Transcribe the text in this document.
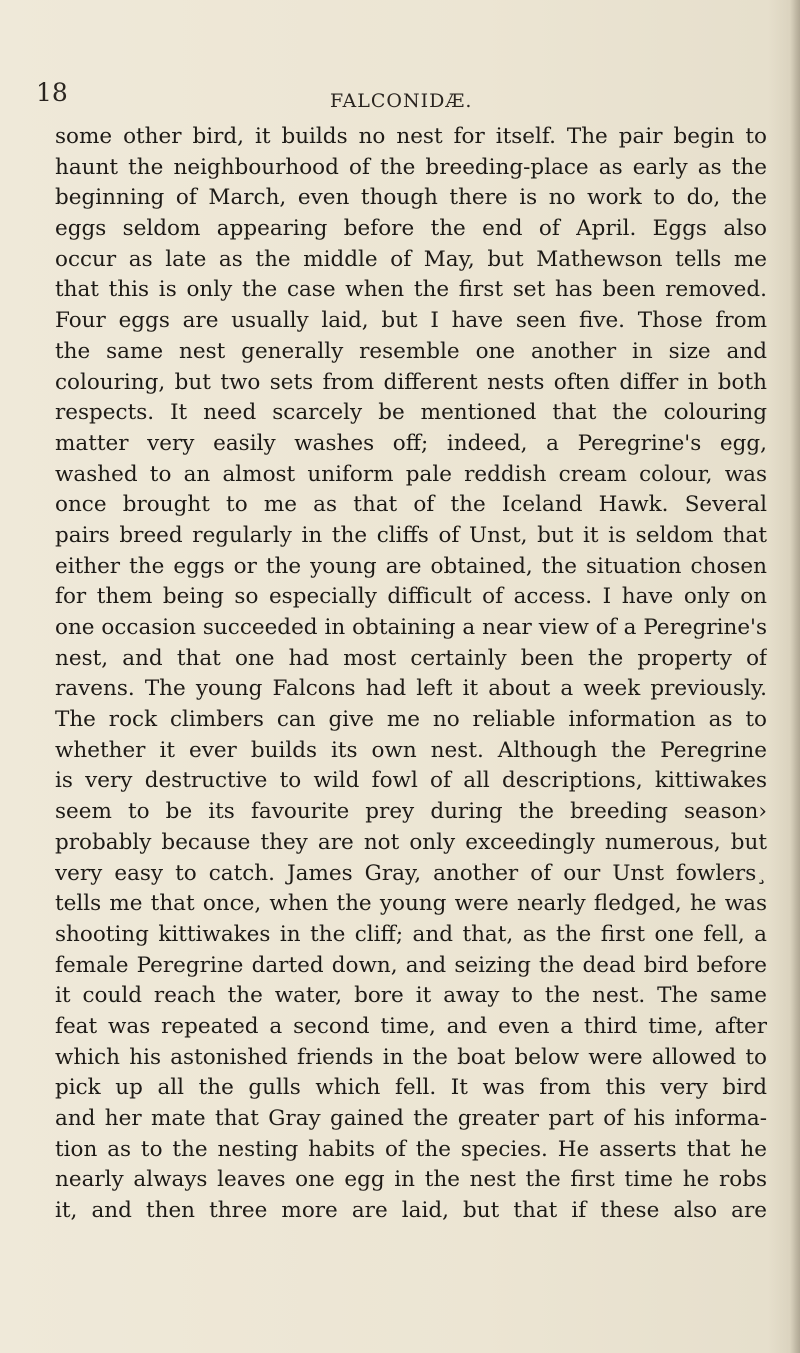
18	FALCONIDÆ.
some other bird, it builds no nest for itself. The pair begin to
haunt the neighbourhood of the breeding-place as early as the
beginning of March, even though there is no work to do, the
eggs seldom appearing before the end of April. Eggs also
occur as late as the middle of May, but Mathewson tells me
that this is only the case when the first set has been removed.
Four eggs are usually laid, but I have seen five. Those from
the same nest generally resemble one another in size and
colouring, but two sets from different nests often differ in both
respects. It need scarcely be mentioned that the colouring
matter very easily washes off; indeed, a Peregrine's egg,
washed to an almost uniform pale reddish cream colour, was
once brought to me as that of the Iceland Hawk. Several
pairs breed regularly in the cliffs of Unst, but it is seldom that
either the eggs or the young are obtained, the situation chosen
for them being so especially difficult of access. I have only on
one occasion succeeded in obtaining a near view of a Peregrine's
nest, and that one had most certainly been the property of
ravens. The young Falcons had left it about a week previously.
The rock climbers can give me no reliable information as to
whether it ever builds its own nest. Although the Peregrine
is very destructive to wild fowl of all descriptions, kittiwakes
seem to be its favourite prey during the breeding season›
probably because they are not only exceedingly numerous, but
very easy to catch. James Gray, another of our Unst fowlers¸
tells me that once, when the young were nearly fledged, he was
shooting kittiwakes in the cliff; and that, as the first one fell, a
female Peregrine darted down, and seizing the dead bird before
it could reach the water, bore it away to the nest. The same
feat was repeated a second time, and even a third time, after
which his astonished friends in the boat below were allowed to
pick up all the gulls which fell. It was from this very bird
and her mate that Gray gained the greater part of his informa-
tion as to the nesting habits of the species. He asserts that he
nearly always leaves one egg in the nest the first time he robs
it, and then three more are laid, but that if these also are
